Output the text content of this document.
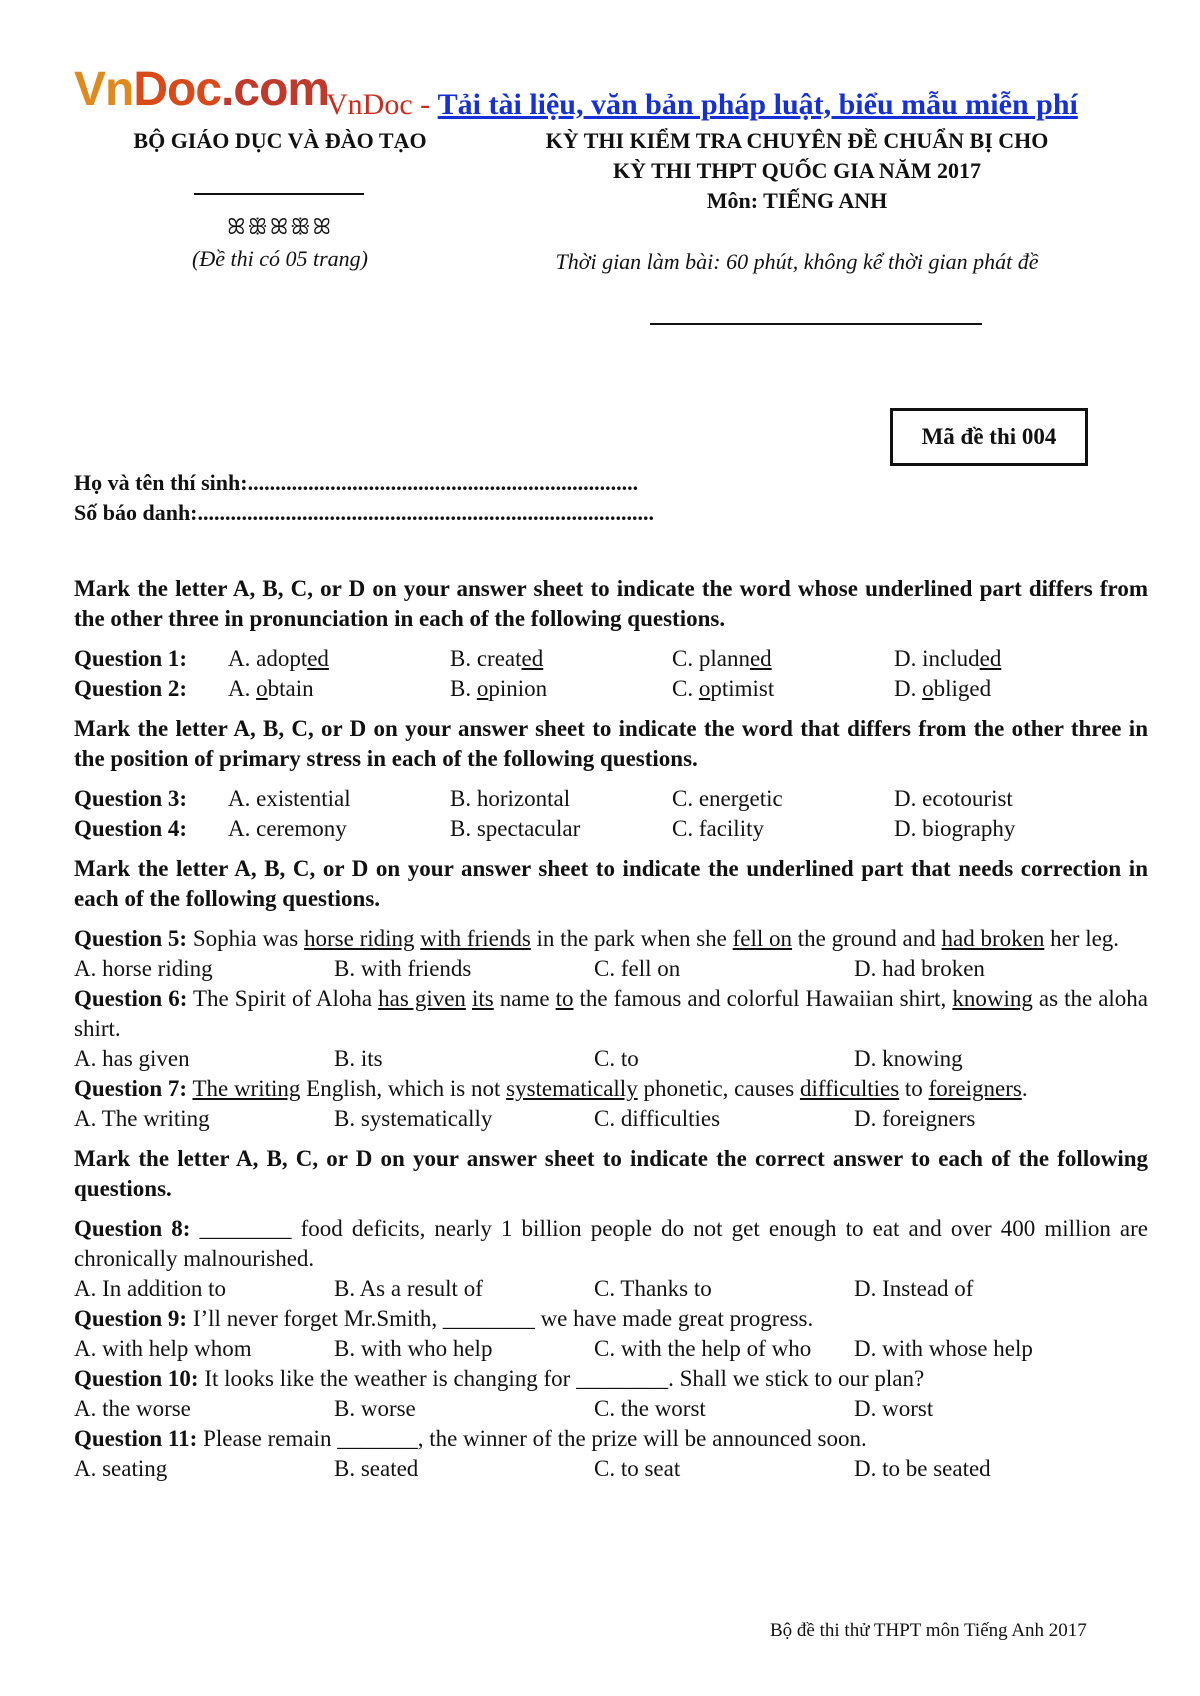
VnDoc.com
VnDoc - Tải tài liệu, văn bản pháp luật, biểu mẫu miễn phí
BỘ GIÁO DỤC VÀ ĐÀO TẠO
ꕤꕥꕤꕥꕤ
(Đề thi có 05 trang)
KỲ THI KIỂM TRA CHUYÊN ĐỀ CHUẨN BỊ CHO
KỲ THI THPT QUỐC GIA NĂM 2017
Môn: TIẾNG ANH
Thời gian làm bài: 60 phút, không kể thời gian phát đề
Mã đề thi 004
Họ và tên thí sinh:.......................................................................
Số báo danh:...................................................................................
Mark the letter A, B, C, or D on your answer sheet to indicate the word whose underlined part differs from the other three in pronunciation in each of the following questions.
Question 1:	A. adopted	B. created	C. planned	D. included
Question 2:	A. obtain	B. opinion	C. optimist	D. obliged
Mark the letter A, B, C, or D on your answer sheet to indicate the word that differs from the other three in the position of primary stress in each of the following questions.
Question 3:	A. existential	B. horizontal	C. energetic	D. ecotourist
Question 4:	A. ceremony	B. spectacular	C. facility	D. biography
Mark the letter A, B, C, or D on your answer sheet to indicate the underlined part that needs correction in each of the following questions.
Question 5: Sophia was horse riding with friends in the park when she fell on the ground and had broken her leg.
A. horse riding	B. with friends	C. fell on	D. had broken
Question 6: The Spirit of Aloha has given its name to the famous and colorful Hawaiian shirt, knowing as the aloha shirt.
A. has given	B. its	C. to	D. knowing
Question 7: The writing English, which is not systematically phonetic, causes difficulties to foreigners.
A. The writing	B. systematically	C. difficulties	D. foreigners
Mark the letter A, B, C, or D on your answer sheet to indicate the correct answer to each of the following questions.
Question 8: ________ food deficits, nearly 1 billion people do not get enough to eat and over 400 million are chronically malnourished.
A. In addition to	B. As a result of	C. Thanks to	D. Instead of
Question 9: I’ll never forget Mr.Smith, ________ we have made great progress.
A. with help whom	B. with who help	C. with the help of who	D. with whose help
Question 10: It looks like the weather is changing for ________. Shall we stick to our plan?
A. the worse	B. worse	C. the worst	D. worst
Question 11: Please remain _______, the winner of the prize will be announced soon.
A. seating	B. seated	C. to seat	D. to be seated
Bộ đề thi thử THPT môn Tiếng Anh 2017
